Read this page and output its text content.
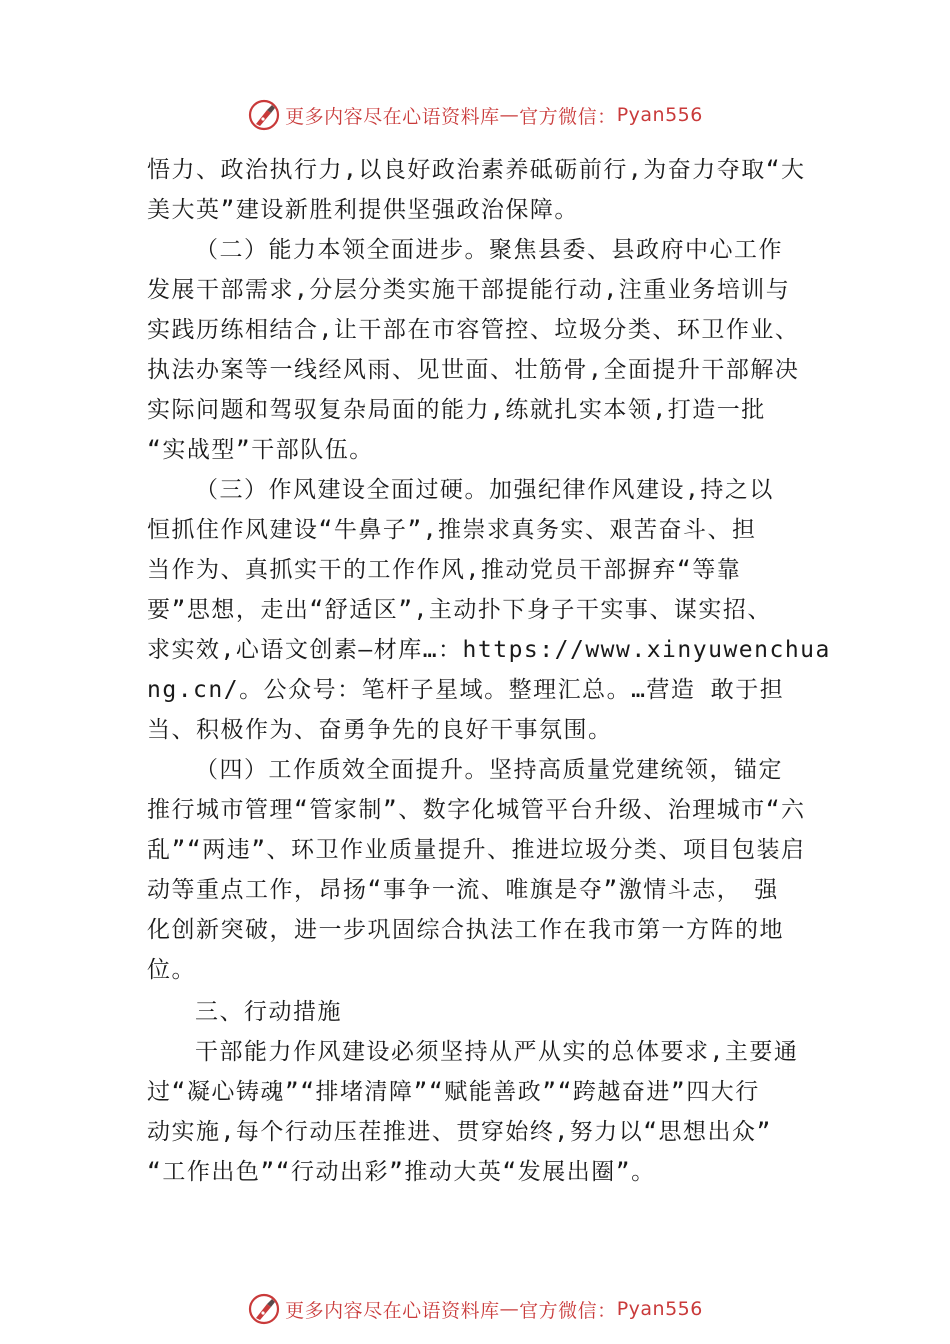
更多内容尽在心语资料库 — 官方微信： Pyan556
悟力、政治执行力,以良好政治素养砥砺前行,为奋力夺取“大
美大英”建设新胜利提供坚强政治保障。
（二）能力本领全面进步。聚焦县委、县政府中心工作
发展干部需求,分层分类实施干部提能行动,注重业务培训与
实践历练相结合,让干部在市容管控、垃圾分类、环卫作业、
执法办案等一线经风雨、见世面、壮筋骨,全面提升干部解决
实际问题和驾驭复杂局面的能力,练就扎实本领,打造一批
“实战型”干部队伍。
（三）作风建设全面过硬。加强纪律作风建设,持之以
恒抓住作风建设“牛鼻子”,推崇求真务实、艰苦奋斗、担
当作为、真抓实干的工作作风,推动党员干部摒弃“等靠
要”思想，走出“舒适区”,主动扑下身子干实事、谋实招、
求实效,心语文创素—材库…：https://www.xinyuwenchua
ng.cn/。公众号：笔杆子星域。整理汇总。…营造 敢于担
当、积极作为、奋勇争先的良好干事氛围。
（四）工作质效全面提升。坚持高质量党建统领，锚定
推行城市管理“管家制”、数字化城管平台升级、治理城市“六
乱”“两违”、环卫作业质量提升、推进垃圾分类、项目包装启
动等重点工作，昂扬“事争一流、唯旗是夺”激情斗志，　强
化创新突破，进一步巩固综合执法工作在我市第一方阵的地
位。
三、行动措施
干部能力作风建设必须坚持从严从实的总体要求,主要通
过“凝心铸魂”“排堵清障”“赋能善政”“跨越奋进”四大行
动实施,每个行动压茬推进、贯穿始终,努力以“思想出众”
“工作出色”“行动出彩”推动大英“发展出圈”。
更多内容尽在心语资料库 — 官方微信： Pyan556
